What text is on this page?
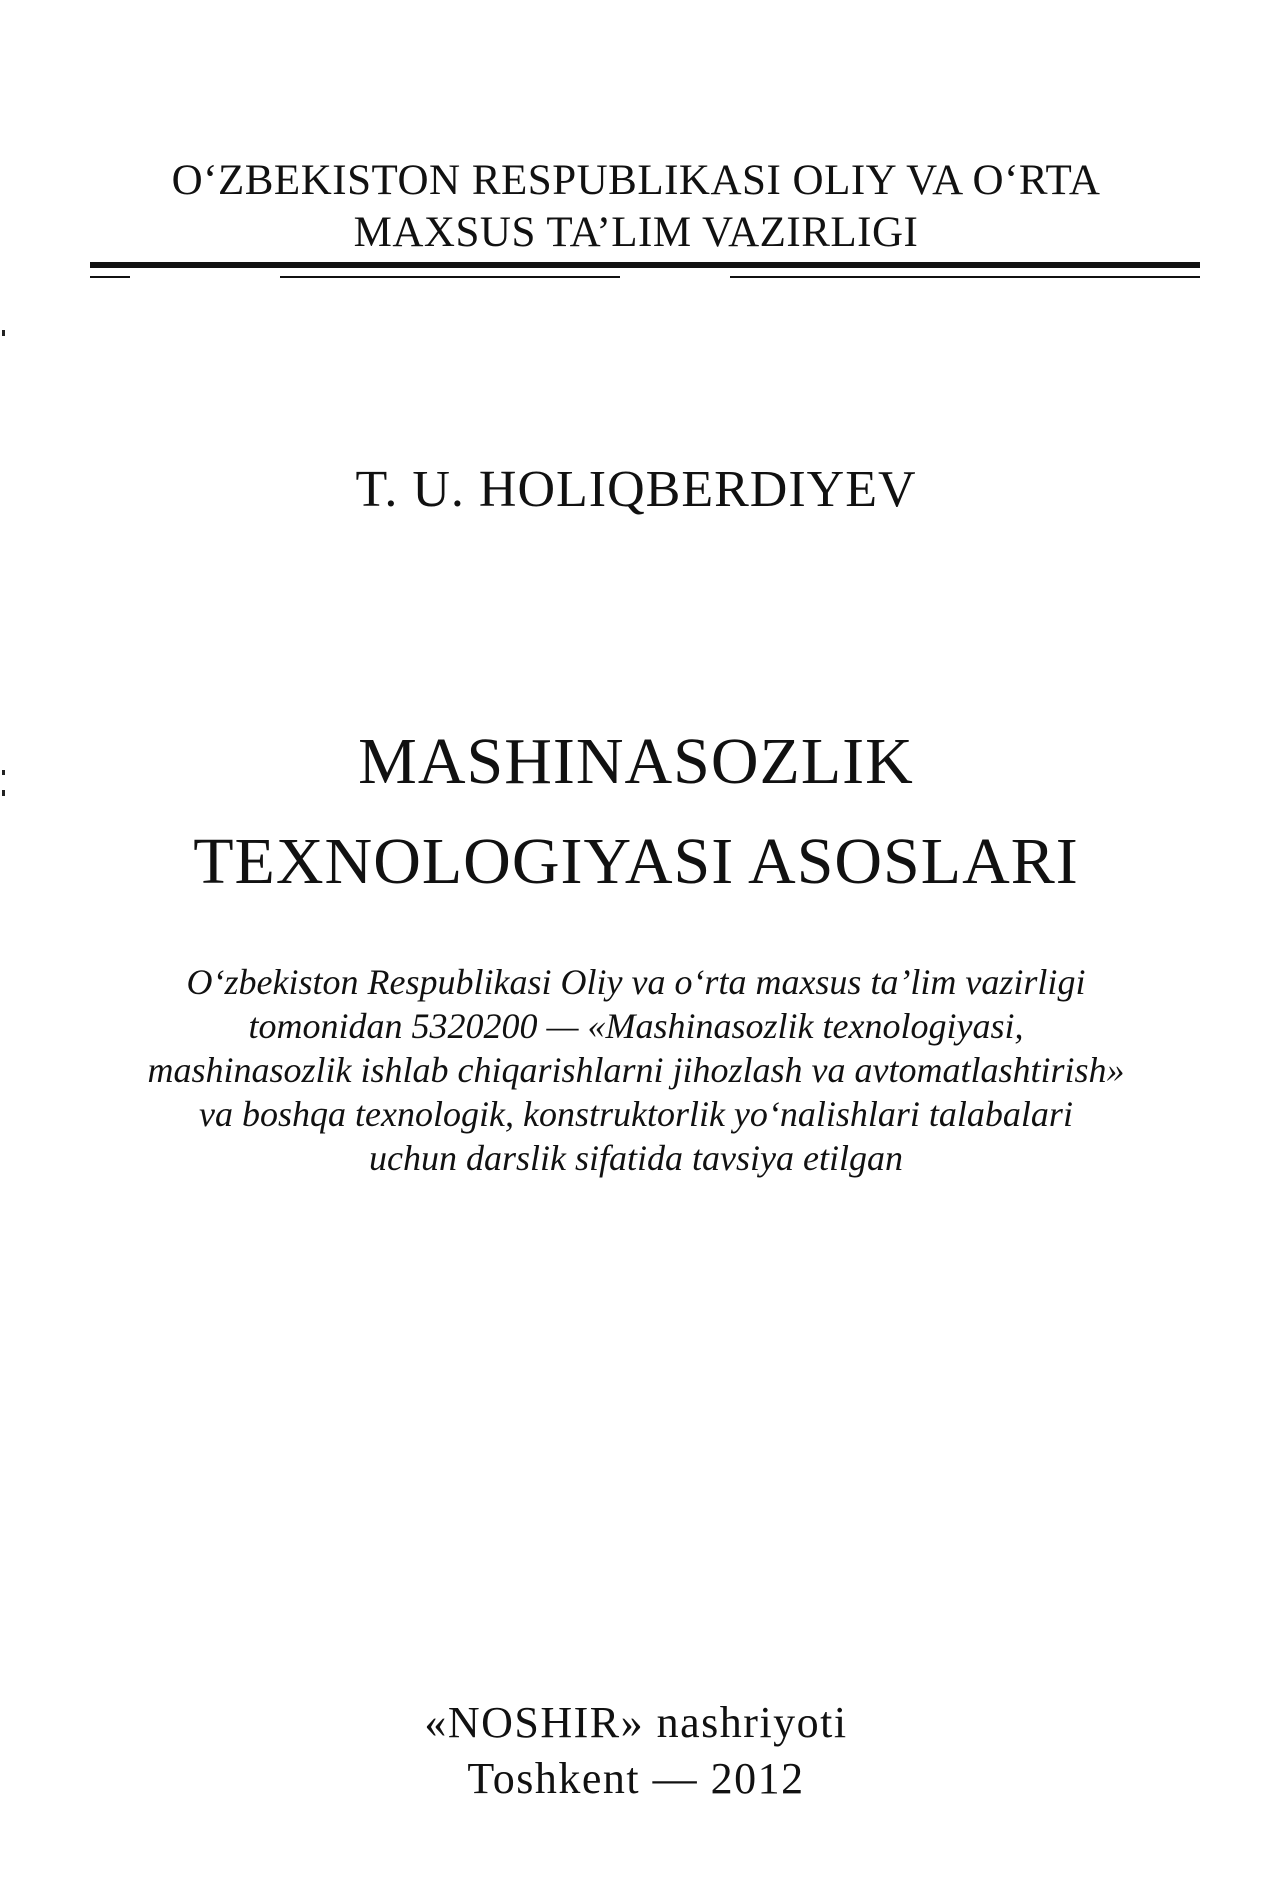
O‘ZBEKISTON RESPUBLIKASI OLIY VA O‘RTA
MAXSUS TA’LIM VAZIRLIGI
T. U. HOLIQBERDIYEV
MASHINASOZLIK
TEXNOLOGIYASI ASOSLARI
O‘zbekiston Respublikasi Oliy va o‘rta maxsus ta’lim vazirligi
tomonidan 5320200 — «Mashinasozlik texnologiyasi,
mashinasozlik ishlab chiqarishlarni jihozlash va avtomatlashtirish»
va boshqa texnologik, konstruktorlik yo‘nalishlari talabalari
uchun darslik sifatida tavsiya etilgan
«NOSHIR» nashriyoti
Toshkent — 2012
